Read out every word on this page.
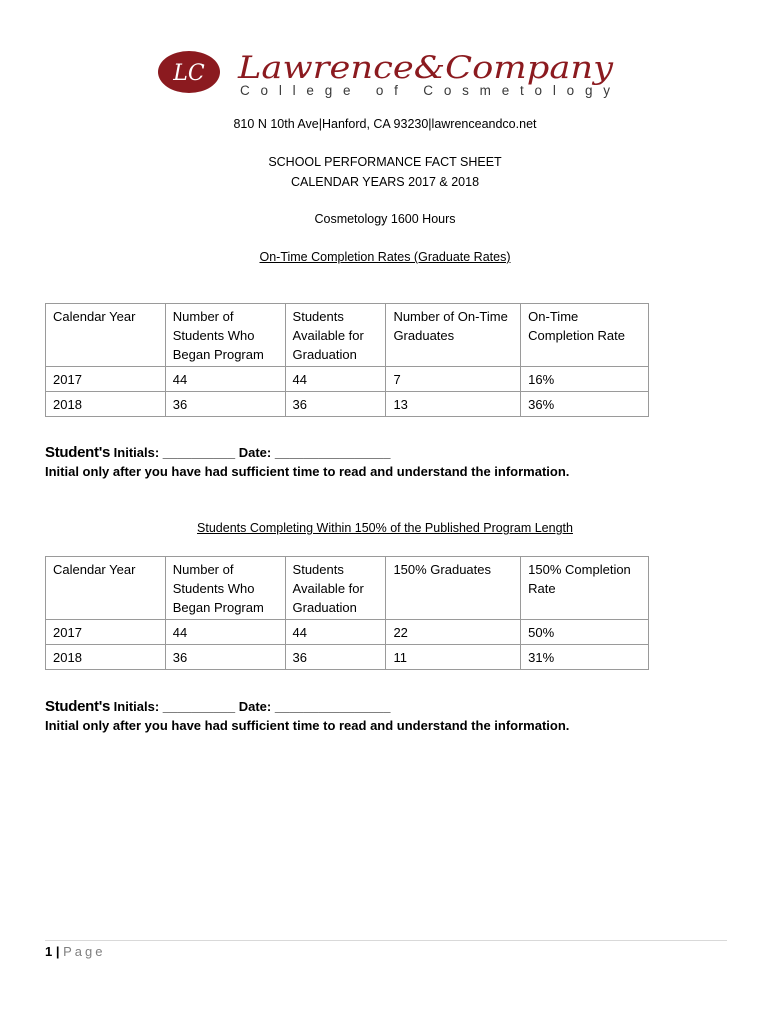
LC Lawrence&Company
College of Cosmetology
810 N 10th Ave|Hanford, CA 93230|lawrenceandco.net
SCHOOL PERFORMANCE FACT SHEET
CALENDAR YEARS 2017 & 2018
Cosmetology 1600 Hours
On-Time Completion Rates (Graduate Rates)
Calendar Year	Number of Students Who Began Program	Students Available for Graduation	Number of On-Time Graduates	On-Time Completion Rate
2017	44	44	7	16%
2018	36	36	13	36%
Student's Initials: __________ Date: ________________
Initial only after you have had sufficient time to read and understand the information.
Students Completing Within 150% of the Published Program Length
Calendar Year	Number of Students Who Began Program	Students Available for Graduation	150% Graduates	150% Completion Rate
2017	44	44	22	50%
2018	36	36	11	31%
Student's Initials: __________ Date: ________________
Initial only after you have had sufficient time to read and understand the information.
1 | Page
